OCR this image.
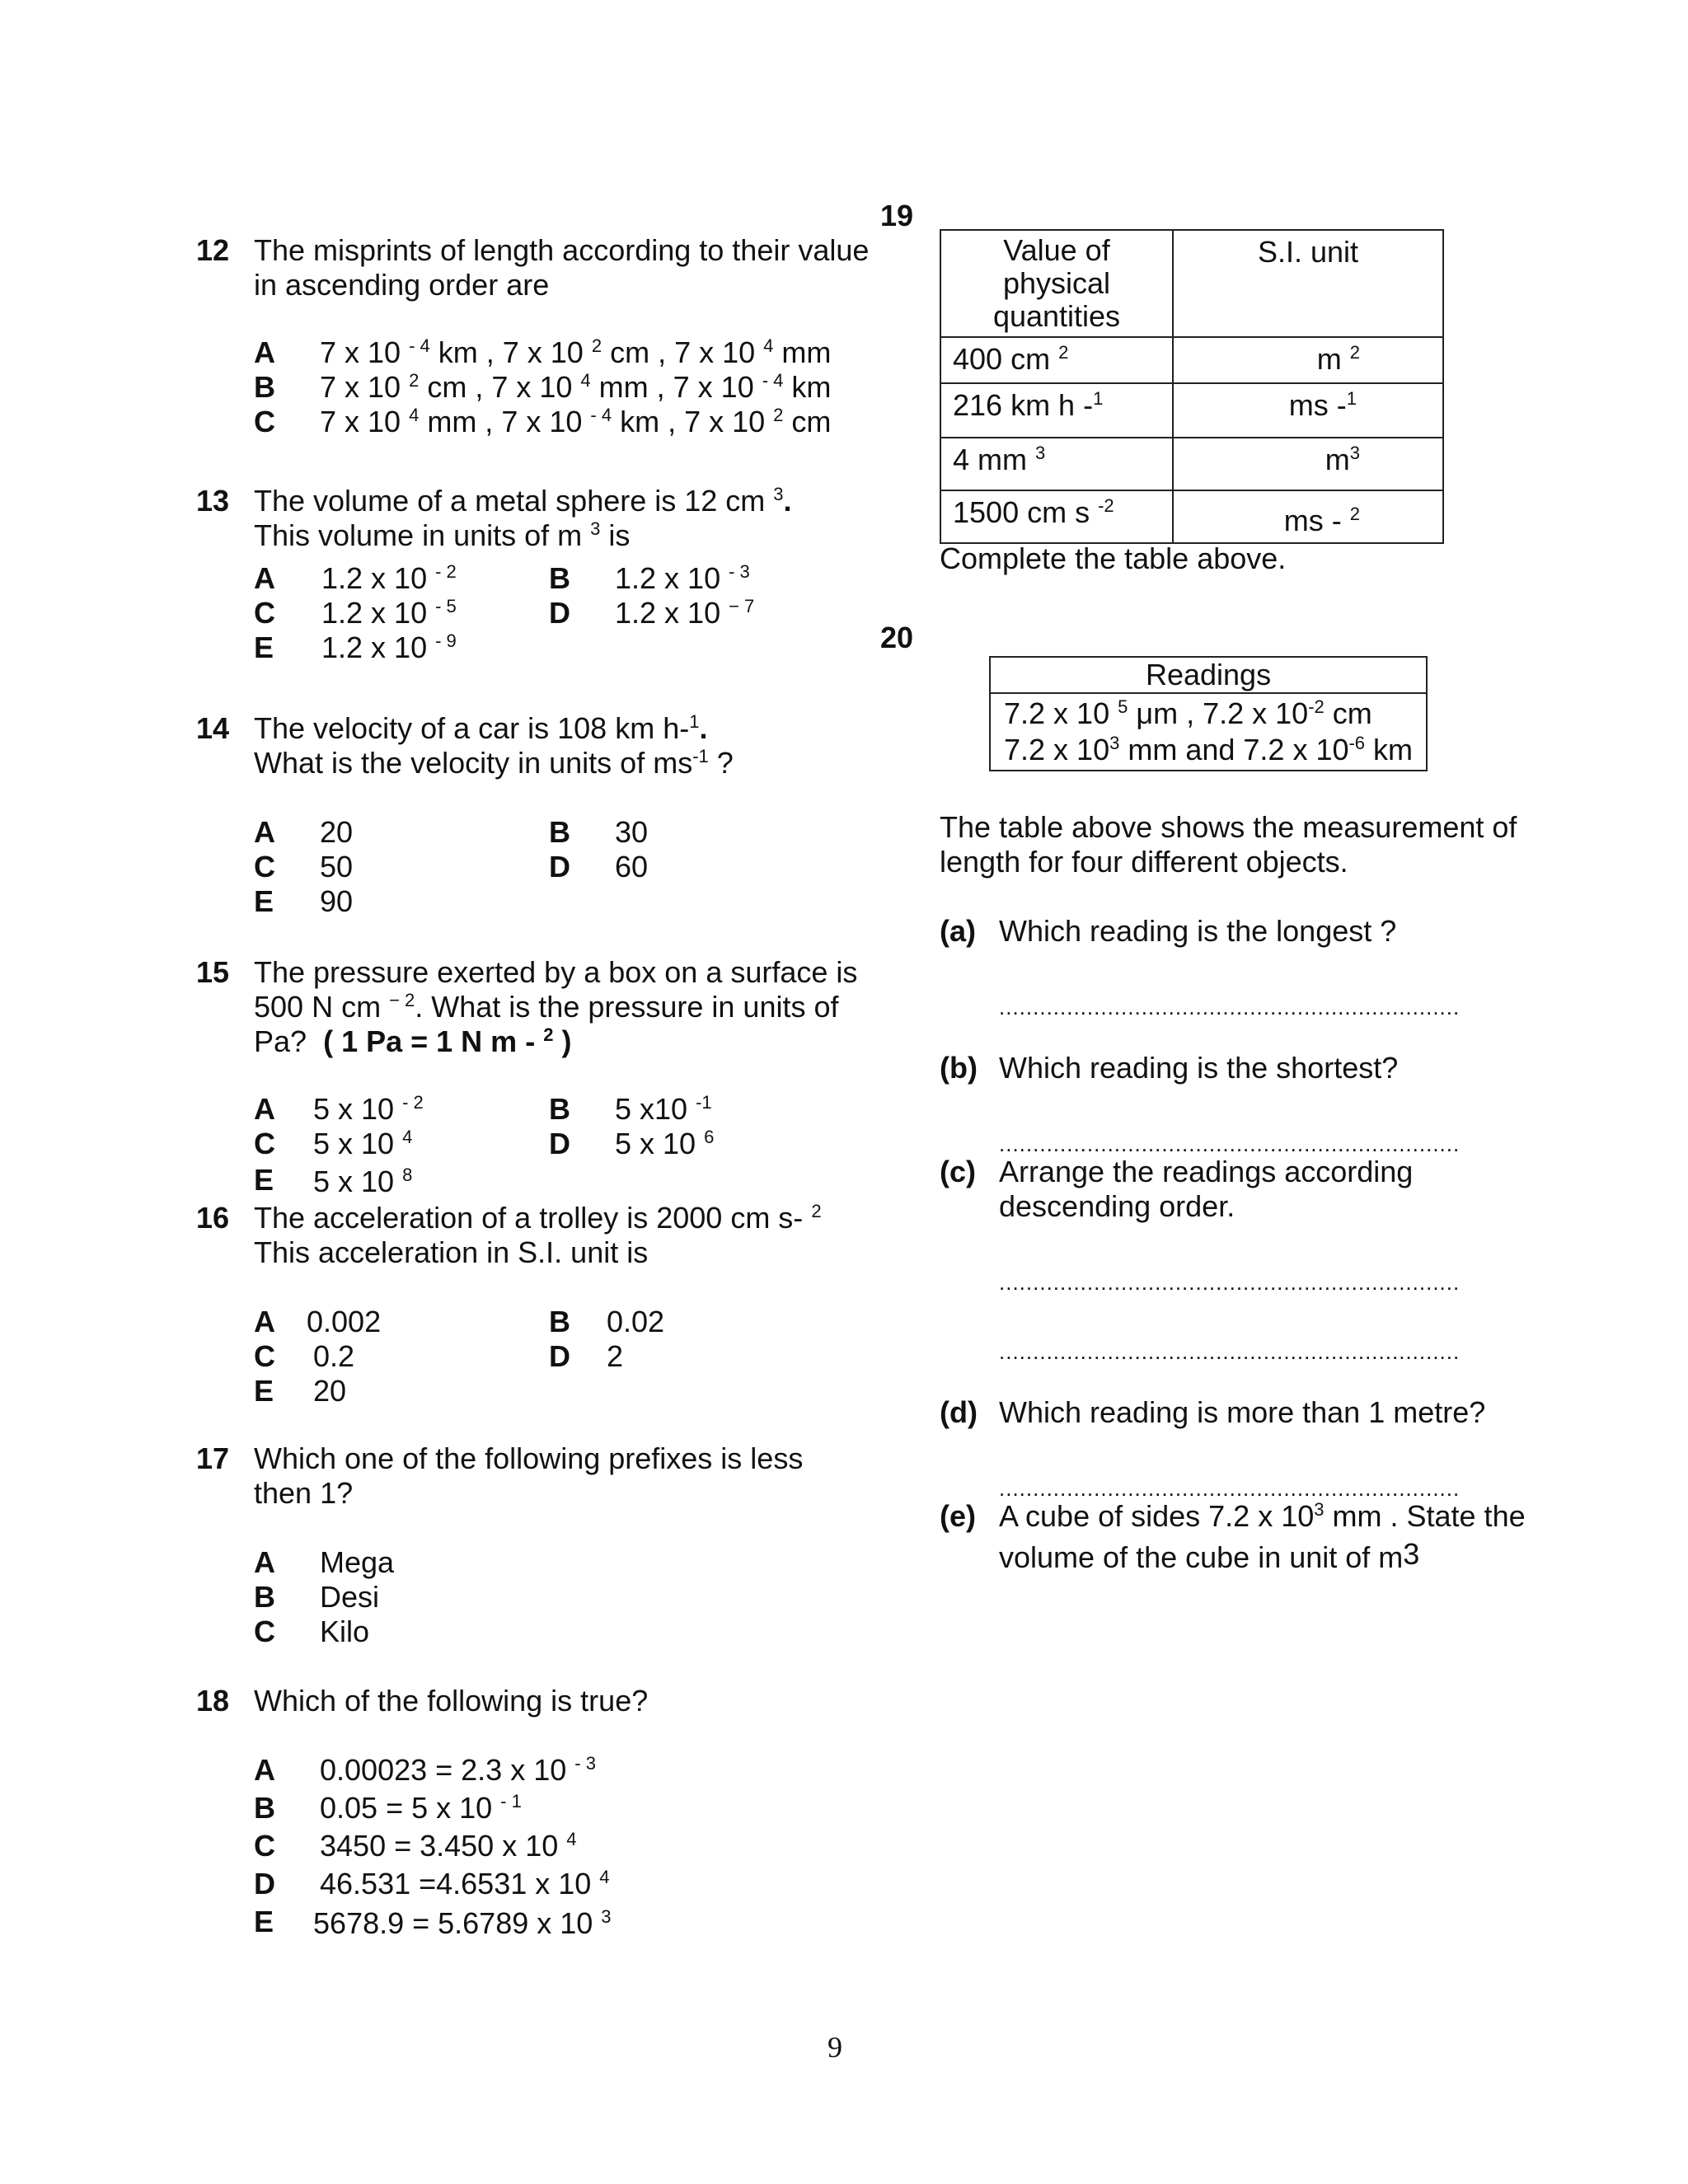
12 The misprints of length according to their value
in ascending order are
A 7 x 10 $^{- 4}$ km , 7 x 10 $^2$ cm , 7 x 10 $^4$ mm
B 7 x 10 $^2$ cm , 7 x 10 $^4$ mm , 7 x 10 $^{- 4}$ km
C 7 x 10 $^4$ mm , 7 x 10 $^{- 4}$ km , 7 x 10 $^2$ cm
13 The volume of a metal sphere is 12 cm $^3$.
This volume in units of m $^3$ is
A 1.2 x 10 $^{- 2}$	B 1.2 x 10 $^{- 3}$
C 1.2 x 10 $^{- 5}$	D 1.2 x 10 $^{- 7}$
E 1.2 x 10 $^{- 9}$
14 The velocity of a car is 108 km h-$^1$.
What is the velocity in units of $ms^{-1}$ ?
A 20	B 30
C 50	D 60
E 90
15 The pressure exerted by a box on a surface is
500 N cm $^{- 2}$. What is the pressure in units of
Pa? ( 1 Pa = 1 N m - $^2$ )
A 5 x 10 $^{- 2}$	B 5 x10 $^{-1}$
C 5 x 10 $^4$	D 5 x 10 $^6$
E 5 x 10 $^8$
16 The acceleration of a trolley is 2000 cm s- $^2$
This acceleration in S.I. unit is
A 0.002	B 0.02
C 0.2	D 2
E 20
17 Which one of the following prefixes is less
then 1?
A Mega
B Desi
C Kilo
18 Which of the following is true?
A 0.00023 = 2.3 x 10 $^{- 3}$
B 0.05 = 5 x 10 $^{- 1}$
C 3450 = 3.450 x 10 $^4$
D 46.531 =4.6531 x 10 $^4$
E 5678.9 = 5.6789 x 10 $^3$
19
Value of physical quantities	S.I. unit
400 cm $^2$	m $^2$
216 km h -$^1$	ms -$^1$
4 mm $^3$	$m^3$
1500 cm s $^{-2}$	ms - $^2$
Complete the table above.
20
Readings

7.2 x 10 $^5$ μm , 7.2 x $10^{-2}$ cm
7.2 x $10^3$ mm and 7.2 x $10^{-6}$ km
The table above shows the measurement of
length for four different objects.
(a) Which reading is the longest ?
....................................................................
(b) Which reading is the shortest?
....................................................................
(c) Arrange the readings according
descending order.
....................................................................
....................................................................
(d) Which reading is more than 1 metre?
....................................................................
(e) A cube of sides 7.2 x $10^3$ mm . State the
volume of the cube in unit of m3
9
